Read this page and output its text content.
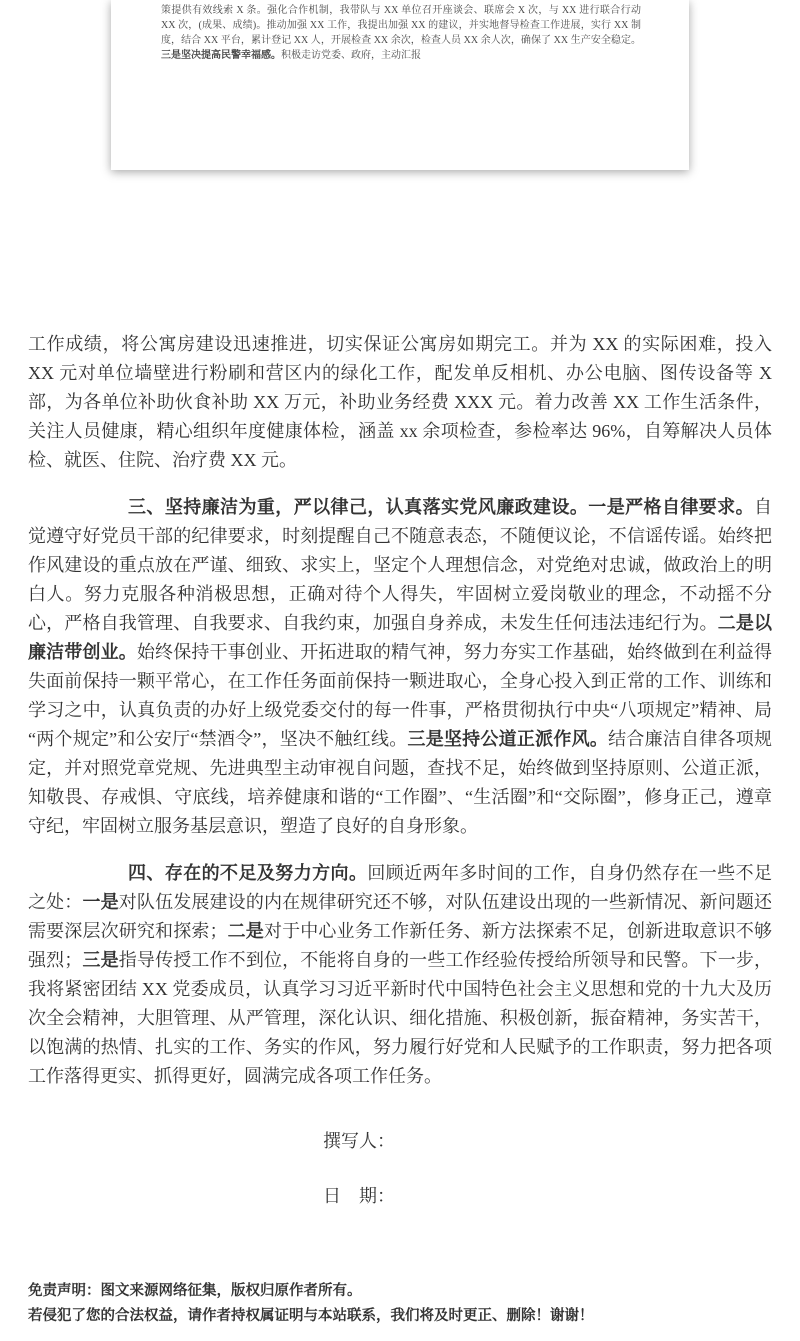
策提供有效线索 X 条。强化合作机制，我带队与 XX 单位召开座谈会、联席会 X 次，与 XX 进行联合行动 XX 次，(成果、成绩)。推动加强 XX 工作，我提出加强 XX 的建议，并实地督导检查工作进展，实行 XX 制度，结合 XX 平台，累计登记 XX 人，开展检查 XX 余次，检查人员 XX 余人次，确保了 XX 生产安全稳定。三是坚决提高民警幸福感。积极走访党委、政府，主动汇报

工作成绩，将公寓房建设迅速推进，切实保证公寓房如期完工。并为 XX 的实际困难，投入 XX 元对单位墙壁进行粉刷和营区内的绿化工作，配发单反相机、办公电脑、图传设备等 X 部，为各单位补助伙食补助 XX 万元，补助业务经费 XXX 元。着力改善 XX 工作生活条件，关注人员健康，精心组织年度健康体检，涵盖 xx 余项检查，参检率达 96%，自筹解决人员体检、就医、住院、治疗费 XX 元。

三、坚持廉洁为重，严以律己，认真落实党风廉政建设。一是严格自律要求。自觉遵守好党员干部的纪律要求，时刻提醒自己不随意表态，不随便议论，不信谣传谣。始终把作风建设的重点放在严谨、细致、求实上，坚定个人理想信念，对党绝对忠诚，做政治上的明白人。努力克服各种消极思想，正确对待个人得失，牢固树立爱岗敬业的理念，不动摇不分心，严格自我管理、自我要求、自我约束，加强自身养成，未发生任何违法违纪行为。二是以廉洁带创业。始终保持干事创业、开拓进取的精气神，努力夯实工作基础，始终做到在利益得失面前保持一颗平常心，在工作任务面前保持一颗进取心，全身心投入到正常的工作、训练和学习之中，认真负责的办好上级党委交付的每一件事，严格贯彻执行中央“八项规定”精神、局“两个规定”和公安厅“禁酒令”，坚决不触红线。三是坚持公道正派作风。结合廉洁自律各项规定，并对照党章党规、先进典型主动审视自问题，查找不足，始终做到坚持原则、公道正派，知敬畏、存戒惧、守底线，培养健康和谐的“工作圈”、“生活圈”和“交际圈”，修身正己，遵章守纪，牢固树立服务基层意识，塑造了良好的自身形象。

四、存在的不足及努力方向。回顾近两年多时间的工作，自身仍然存在一些不足之处：一是对队伍发展建设的内在规律研究还不够，对队伍建设出现的一些新情况、新问题还需要深层次研究和探索；二是对于中心业务工作新任务、新方法探索不足，创新进取意识不够强烈；三是指导传授工作不到位，不能将自身的一些工作经验传授给所领导和民警。下一步，我将紧密团结 XX 党委成员，认真学习习近平新时代中国特色社会主义思想和党的十九大及历次全会精神，大胆管理、从严管理，深化认识、细化措施、积极创新，振奋精神，务实苦干，以饱满的热情、扎实的工作、务实的作风，努力履行好党和人民赋予的工作职责，努力把各项工作落得更实、抓得更好，圆满完成各项工作任务。

撰写人：

日　期：

免责声明：图文来源网络征集，版权归原作者所有。

若侵犯了您的合法权益，请作者持权属证明与本站联系，我们将及时更正、删除！谢谢！
